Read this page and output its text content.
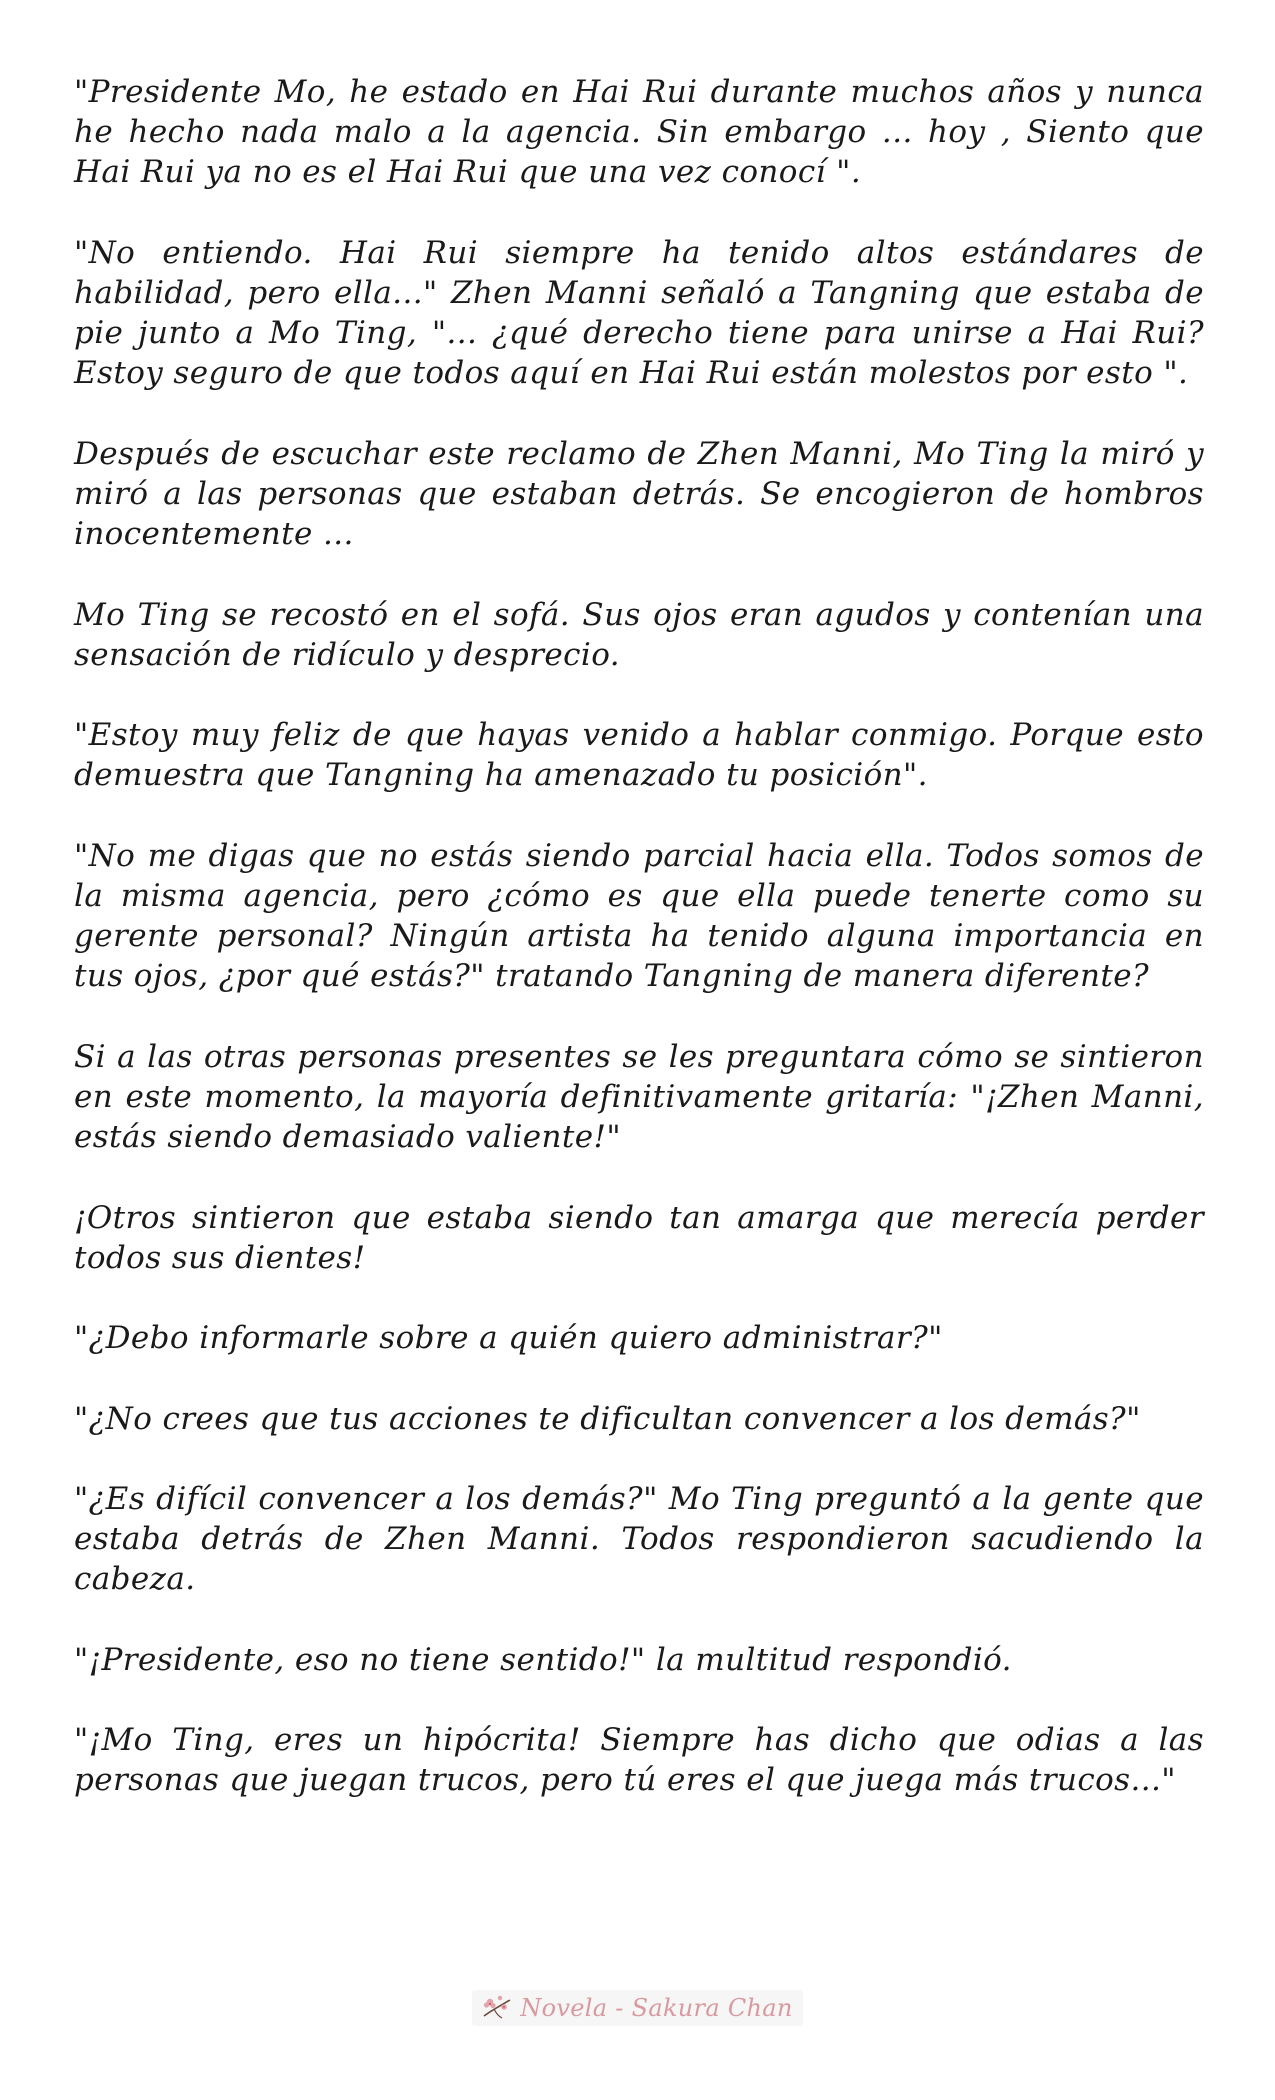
"Presidente Mo, he estado en Hai Rui durante muchos años y nunca he hecho nada malo a la agencia. Sin embargo ... hoy , Siento que Hai Rui ya no es el Hai Rui que una vez conocí ".

"No entiendo. Hai Rui siempre ha tenido altos estándares de habilidad, pero ella..." Zhen Manni señaló a Tangning que estaba de pie junto a Mo Ting, "... ¿qué derecho tiene para unirse a Hai Rui? Estoy seguro de que todos aquí en Hai Rui están molestos por esto ".

Después de escuchar este reclamo de Zhen Manni, Mo Ting la miró y miró a las personas que estaban detrás. Se encogieron de hombros inocentemente ...

Mo Ting se recostó en el sofá. Sus ojos eran agudos y contenían una sensación de ridículo y desprecio.

"Estoy muy feliz de que hayas venido a hablar conmigo. Porque esto demuestra que Tangning ha amenazado tu posición".

"No me digas que no estás siendo parcial hacia ella. Todos somos de la misma agencia, pero ¿cómo es que ella puede tenerte como su gerente personal? Ningún artista ha tenido alguna importancia en tus ojos, ¿por qué estás?" tratando Tangning de manera diferente?

Si a las otras personas presentes se les preguntara cómo se sintieron en este momento, la mayoría definitivamente gritaría: "¡Zhen Manni, estás siendo demasiado valiente!"

¡Otros sintieron que estaba siendo tan amarga que merecía perder todos sus dientes!

"¿Debo informarle sobre a quién quiero administrar?"

"¿No crees que tus acciones te dificultan convencer a los demás?"

"¿Es difícil convencer a los demás?" Mo Ting preguntó a la gente que estaba detrás de Zhen Manni. Todos respondieron sacudiendo la cabeza.

"¡Presidente, eso no tiene sentido!" la multitud respondió.

"¡Mo Ting, eres un hipócrita! Siempre has dicho que odias a las personas que juegan trucos, pero tú eres el que juega más trucos..."

Novela - Sakura Chan
